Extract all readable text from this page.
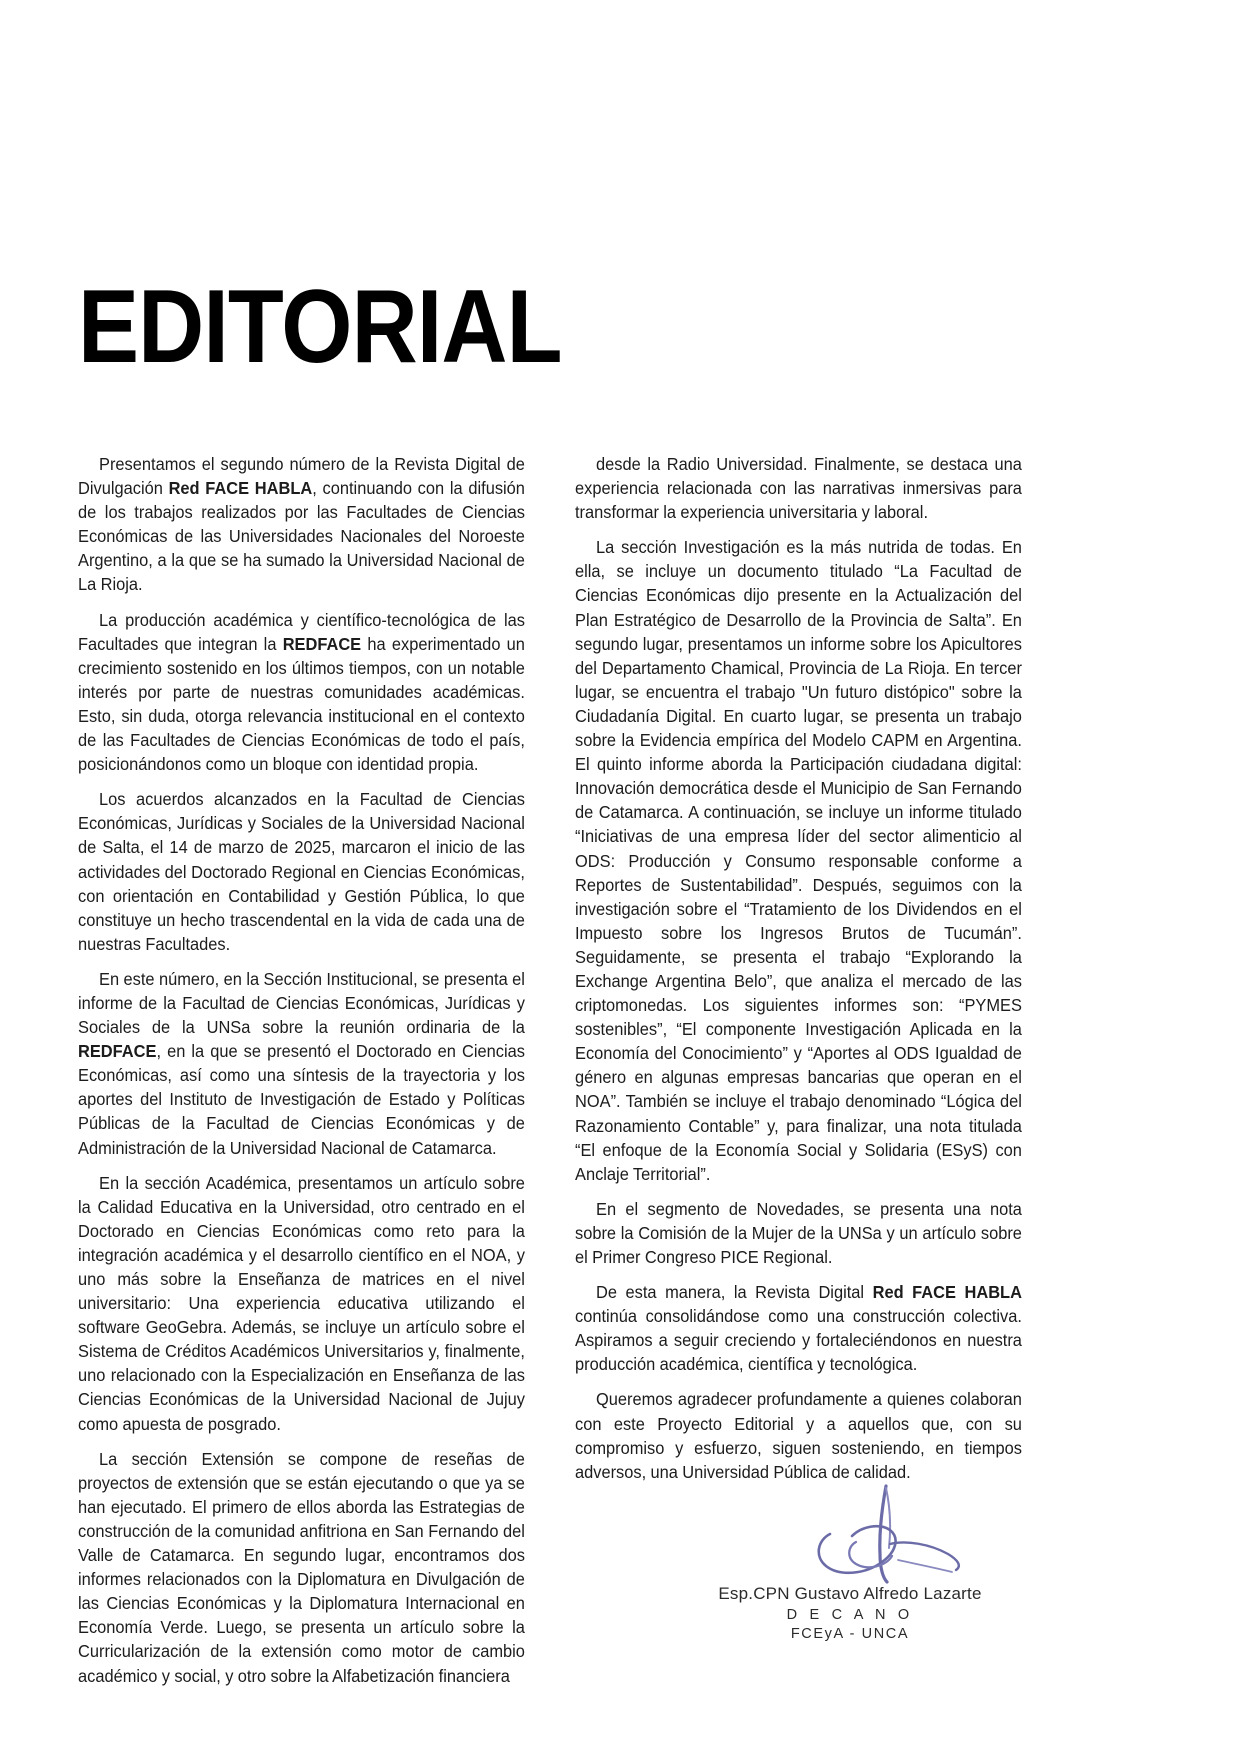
EDITORIAL

Presentamos el segundo número de la Revista Digital de Divulgación Red FACE HABLA, continuando con la difusión de los trabajos realizados por las Facultades de Ciencias Económicas de las Universidades Nacionales del Noroeste Argentino, a la que se ha sumado la Universidad Nacional de La Rioja.

La producción académica y científico-tecnológica de las Facultades que integran la REDFACE ha experimentado un crecimiento sostenido en los últimos tiempos, con un notable interés por parte de nuestras comunidades académicas. Esto, sin duda, otorga relevancia institucional en el contexto de las Facultades de Ciencias Económicas de todo el país, posicionándonos como un bloque con identidad propia.

Los acuerdos alcanzados en la Facultad de Ciencias Económicas, Jurídicas y Sociales de la Universidad Nacional de Salta, el 14 de marzo de 2025, marcaron el inicio de las actividades del Doctorado Regional en Ciencias Económicas, con orientación en Contabilidad y Gestión Pública, lo que constituye un hecho trascendental en la vida de cada una de nuestras Facultades.

En este número, en la Sección Institucional, se presenta el informe de la Facultad de Ciencias Económicas, Jurídicas y Sociales de la UNSa sobre la reunión ordinaria de la REDFACE, en la que se presentó el Doctorado en Ciencias Económicas, así como una síntesis de la trayectoria y los aportes del Instituto de Investigación de Estado y Políticas Públicas de la Facultad de Ciencias Económicas y de Administración de la Universidad Nacional de Catamarca.

En la sección Académica, presentamos un artículo sobre la Calidad Educativa en la Universidad, otro centrado en el Doctorado en Ciencias Económicas como reto para la integración académica y el desarrollo científico en el NOA, y uno más sobre la Enseñanza de matrices en el nivel universitario: Una experiencia educativa utilizando el software GeoGebra. Además, se incluye un artículo sobre el Sistema de Créditos Académicos Universitarios y, finalmente, uno relacionado con la Especialización en Enseñanza de las Ciencias Económicas de la Universidad Nacional de Jujuy como apuesta de posgrado.

La sección Extensión se compone de reseñas de proyectos de extensión que se están ejecutando o que ya se han ejecutado. El primero de ellos aborda las Estrategias de construcción de la comunidad anfitriona en San Fernando del Valle de Catamarca. En segundo lugar, encontramos dos informes relacionados con la Diplomatura en Divulgación de las Ciencias Económicas y la Diplomatura Internacional en Economía Verde. Luego, se presenta un artículo sobre la Curricularización de la extensión como motor de cambio académico y social, y otro sobre la Alfabetización financiera

desde la Radio Universidad. Finalmente, se destaca una experiencia relacionada con las narrativas inmersivas para transformar la experiencia universitaria y laboral.

La sección Investigación es la más nutrida de todas. En ella, se incluye un documento titulado “La Facultad de Ciencias Económicas dijo presente en la Actualización del Plan Estratégico de Desarrollo de la Provincia de Salta”. En segundo lugar, presentamos un informe sobre los Apicultores del Departamento Chamical, Provincia de La Rioja. En tercer lugar, se encuentra el trabajo "Un futuro distópico" sobre la Ciudadanía Digital. En cuarto lugar, se presenta un trabajo sobre la Evidencia empírica del Modelo CAPM en Argentina. El quinto informe aborda la Participación ciudadana digital: Innovación democrática desde el Municipio de San Fernando de Catamarca. A continuación, se incluye un informe titulado “Iniciativas de una empresa líder del sector alimenticio al ODS: Producción y Consumo responsable conforme a Reportes de Sustentabilidad”. Después, seguimos con la investigación sobre el “Tratamiento de los Dividendos en el Impuesto sobre los Ingresos Brutos de Tucumán”. Seguidamente, se presenta el trabajo “Explorando la Exchange Argentina Belo”, que analiza el mercado de las criptomonedas. Los siguientes informes son: “PYMES sostenibles”, “El componente Investigación Aplicada en la Economía del Conocimiento” y “Aportes al ODS Igualdad de género en algunas empresas bancarias que operan en el NOA”. También se incluye el trabajo denominado “Lógica del Razonamiento Contable” y, para finalizar, una nota titulada “El enfoque de la Economía Social y Solidaria (ESyS) con Anclaje Territorial”.

En el segmento de Novedades, se presenta una nota sobre la Comisión de la Mujer de la UNSa y un artículo sobre el Primer Congreso PICE Regional.

De esta manera, la Revista Digital Red FACE HABLA continúa consolidándose como una construcción colectiva. Aspiramos a seguir creciendo y fortaleciéndonos en nuestra producción académica, científica y tecnológica.

Queremos agradecer profundamente a quienes colaboran con este Proyecto Editorial y a aquellos que, con su compromiso y esfuerzo, siguen sosteniendo, en tiempos adversos, una Universidad Pública de calidad.

Esp.CPN Gustavo Alfredo Lazarte
D E C A N O
FCEyA - UNCA
